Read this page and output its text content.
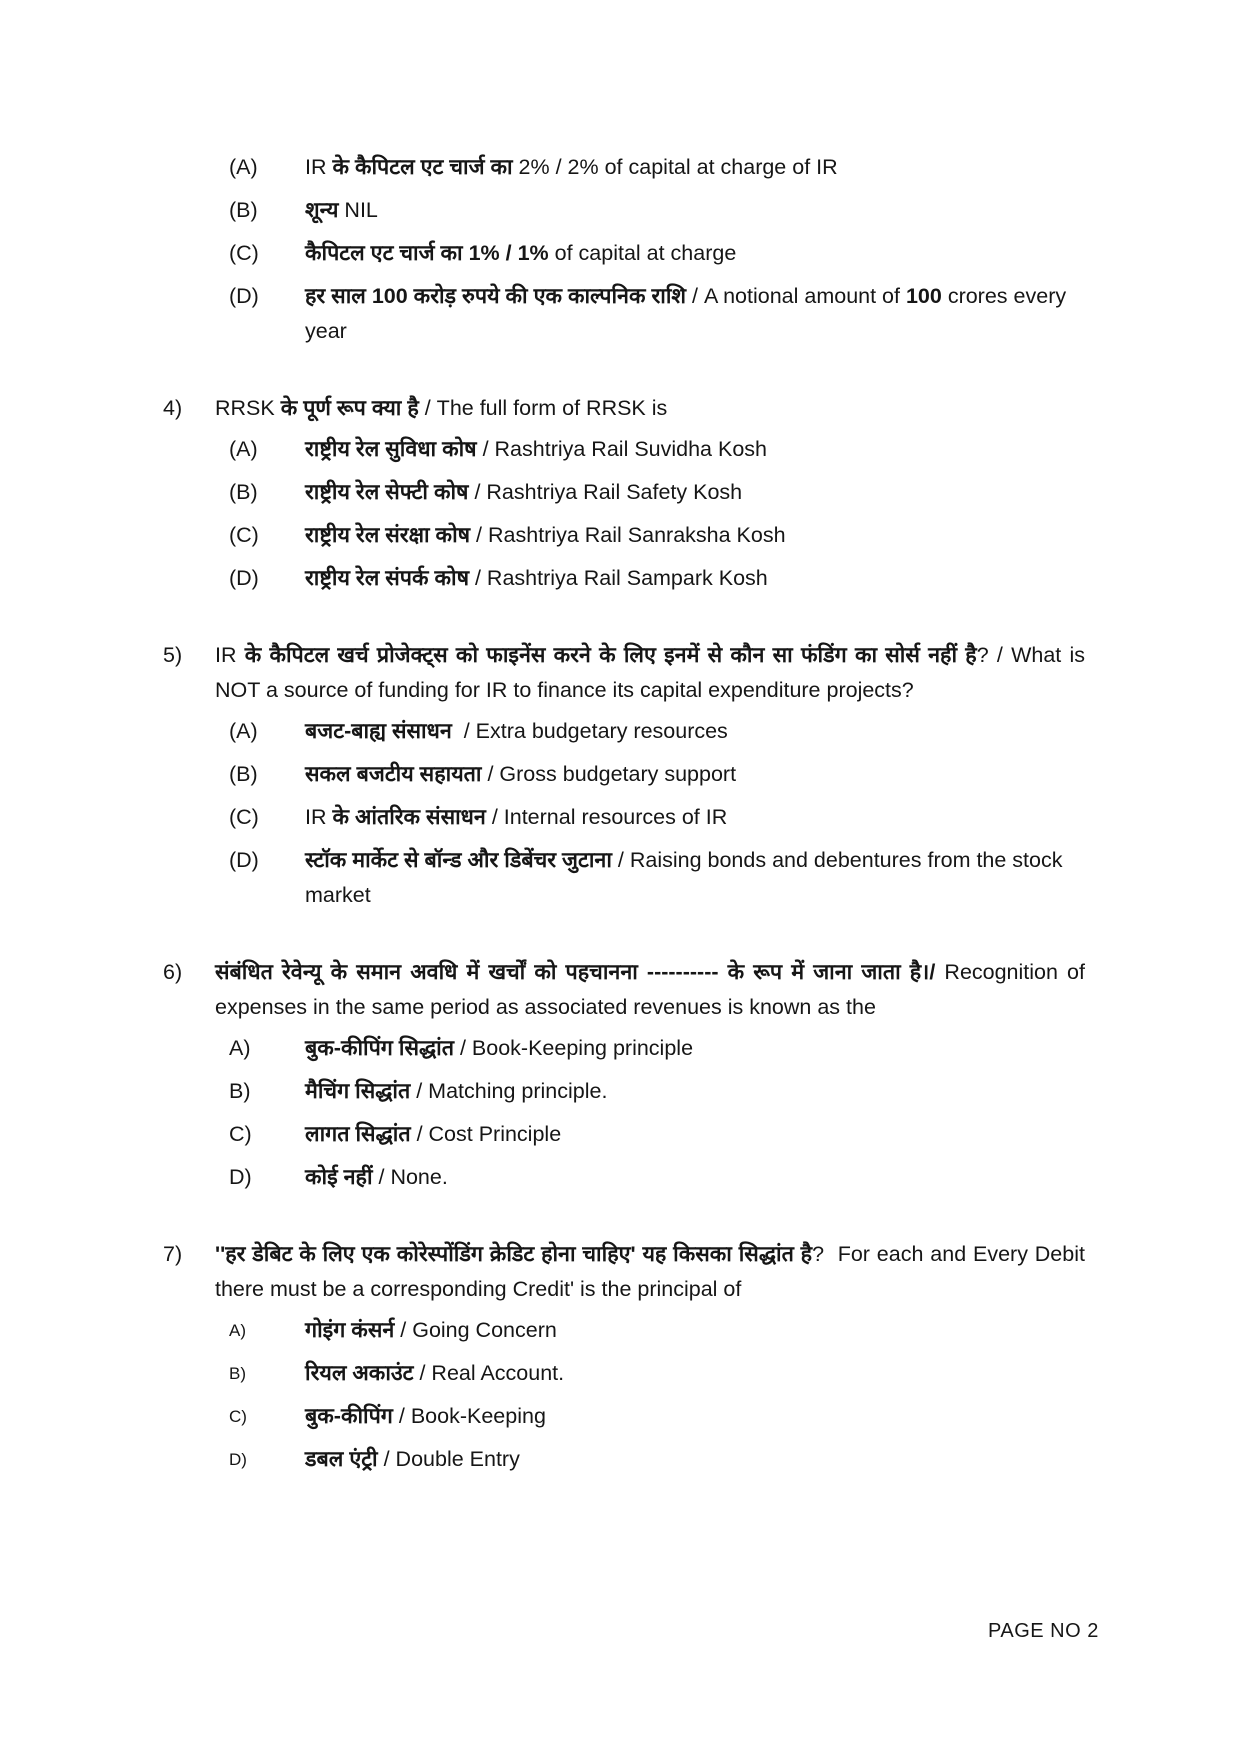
(A)	IR के कैपिटल एट चार्ज का 2% / 2% of capital at charge of IR
(B)	शून्य NIL
(C)	कैपिटल एट चार्ज का 1% / 1% of capital at charge
(D)	हर साल 100 करोड़ रुपये की एक काल्पनिक राशि / A notional amount of 100 crores every year
4)	RRSK के पूर्ण रूप क्या है / The full form of RRSK is
(A)	राष्ट्रीय रेल सुविधा कोष / Rashtriya Rail Suvidha Kosh
(B)	राष्ट्रीय रेल सेफ्टी कोष / Rashtriya Rail Safety Kosh
(C)	राष्ट्रीय रेल संरक्षा कोष / Rashtriya Rail Sanraksha Kosh
(D)	राष्ट्रीय रेल संपर्क कोष / Rashtriya Rail Sampark Kosh
5)	IR के कैपिटल खर्च प्रोजेक्ट्स को फाइनेंस करने के लिए इनमें से कौन सा फंडिंग का सोर्स नहीं है? / What is NOT a source of funding for IR to finance its capital expenditure projects?
(A)	बजट-बाह्य संसाधन  / Extra budgetary resources
(B)	सकल बजटीय सहायता / Gross budgetary support
(C)	IR के आंतरिक संसाधन / Internal resources of IR
(D)	स्टॉक मार्केट से बॉन्ड और डिबेंचर जुटाना / Raising bonds and debentures from the stock market
6)	संबंधित रेवेन्यू के समान अवधि में खर्चों को पहचानना ---------- के रूप में जाना जाता है।/ Recognition of expenses in the same period as associated revenues is known as the
A)	बुक-कीपिंग सिद्धांत / Book-Keeping principle
B)	मैचिंग सिद्धांत / Matching principle.
C)	लागत सिद्धांत / Cost Principle
D)	कोई नहीं / None.
7)	''हर डेबिट के लिए एक कोरेस्पोंडिंग क्रेडिट होना चाहिए' यह किसका सिद्धांत है?  For each and Every Debit there must be a corresponding Credit' is the principal of
A)	गोइंग कंसर्न / Going Concern
B)	रियल अकाउंट / Real Account.
C)	बुक-कीपिंग / Book-Keeping
D)	डबल एंट्री / Double Entry
PAGE NO 2
